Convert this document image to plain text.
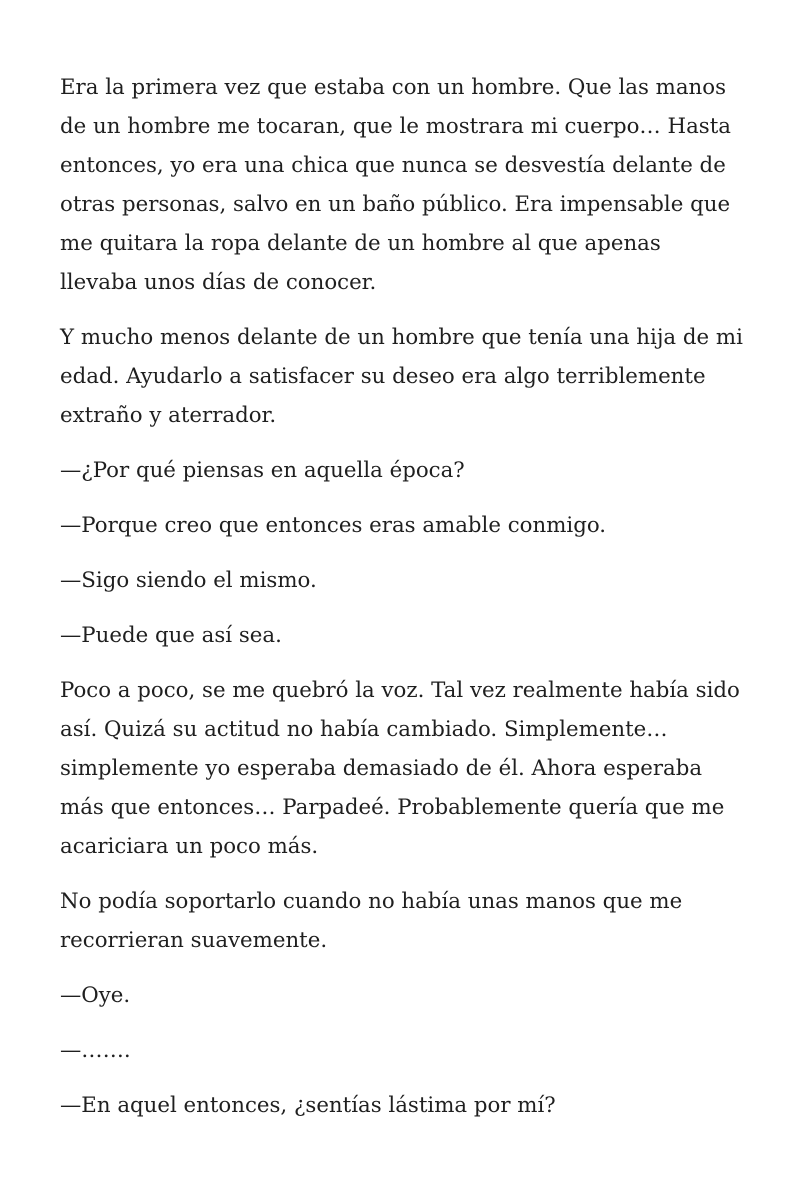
Era la primera vez que estaba con un hombre. Que las manos de un hombre me tocaran, que le mostrara mi cuerpo… Hasta entonces, yo era una chica que nunca se desvestía delante de otras personas, salvo en un baño público. Era impensable que me quitara la ropa delante de un hombre al que apenas llevaba unos días de conocer.

Y mucho menos delante de un hombre que tenía una hija de mi edad. Ayudarlo a satisfacer su deseo era algo terriblemente extraño y aterrador.

—¿Por qué piensas en aquella época?

—Porque creo que entonces eras amable conmigo.

—Sigo siendo el mismo.

—Puede que así sea.

Poco a poco, se me quebró la voz. Tal vez realmente había sido así. Quizá su actitud no había cambiado. Simplemente… simplemente yo esperaba demasiado de él. Ahora esperaba más que entonces… Parpadeé. Probablemente quería que me acariciara un poco más.

No podía soportarlo cuando no había unas manos que me recorrieran suavemente.

—Oye.

—…….

—En aquel entonces, ¿sentías lástima por mí?
